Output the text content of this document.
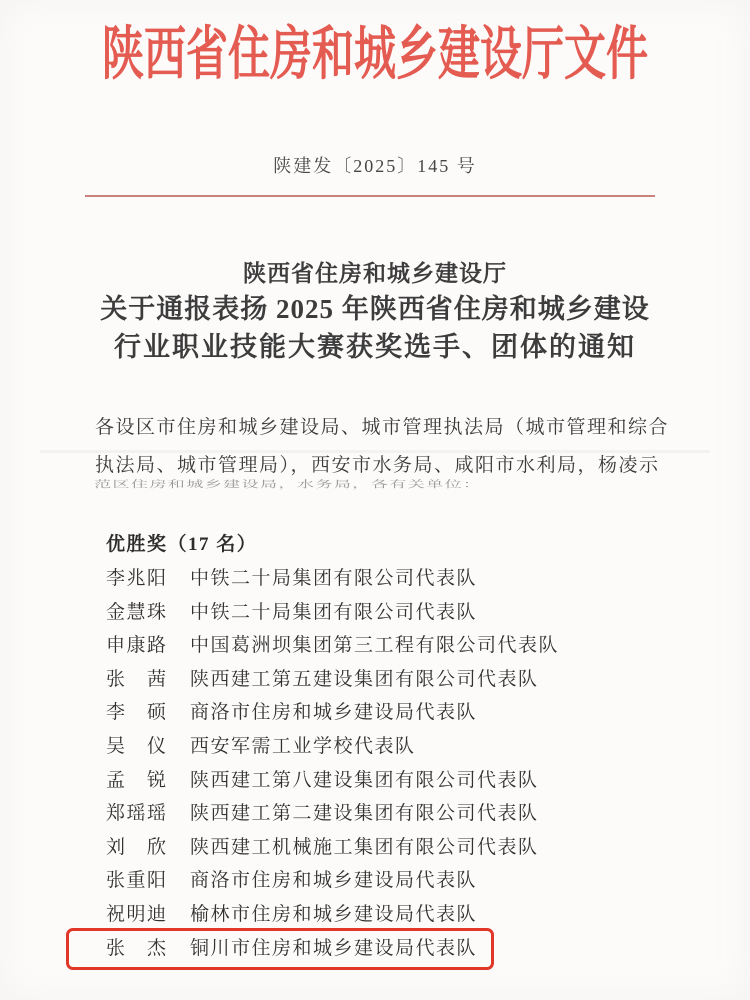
陕西省住房和城乡建设厅文件
陕建发〔2025〕145 号
陕西省住房和城乡建设厅
关于通报表扬 2025 年陕西省住房和城乡建设
行业职业技能大赛获奖选手、团体的通知
各设区市住房和城乡建设局、城市管理执法局（城市管理和综合
执法局、城市管理局），西安市水务局、咸阳市水利局，杨凌示
范区住房和城乡建设局，水务局，各有关单位：
优胜奖（17 名）
李兆阳 中铁二十局集团有限公司代表队
金慧珠 中铁二十局集团有限公司代表队
申康路 中国葛洲坝集团第三工程有限公司代表队
张　茜 陕西建工第五建设集团有限公司代表队
李　硕 商洛市住房和城乡建设局代表队
吴　仪 西安军需工业学校代表队
孟　锐 陕西建工第八建设集团有限公司代表队
郑瑶瑶 陕西建工第二建设集团有限公司代表队
刘　欣 陕西建工机械施工集团有限公司代表队
张重阳 商洛市住房和城乡建设局代表队
祝明迪 榆林市住房和城乡建设局代表队
张　杰 铜川市住房和城乡建设局代表队
